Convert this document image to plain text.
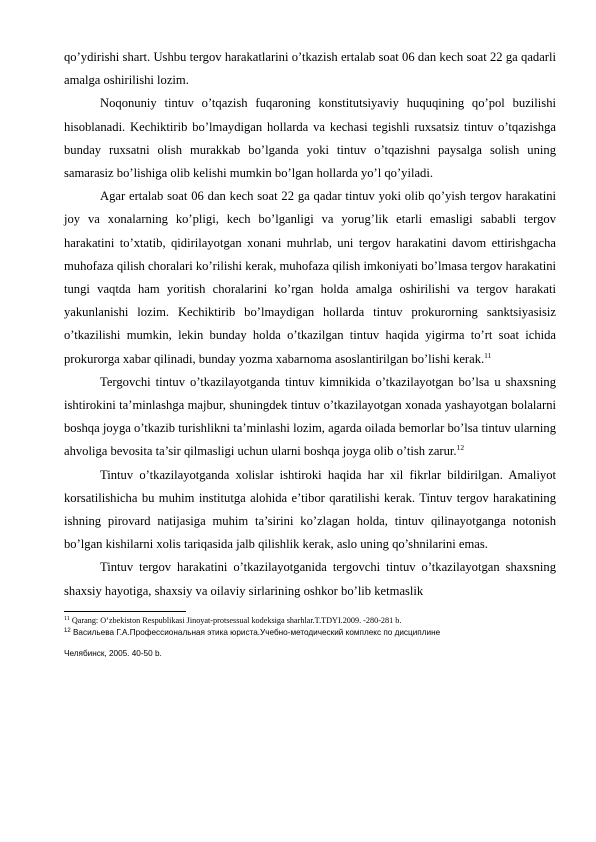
qo’ydirishi shart. Ushbu tergov harakatlarini o’tkazish ertalab soat 06 dan kech soat 22 ga qadarli amalga oshirilishi lozim.

Noqonuniy tintuv o’tqazish fuqaroning konstitutsiyaviy huquqining qo’pol buzilishi hisoblanadi. Kechiktirib bo’lmaydigan hollarda va kechasi tegishli ruxsatsiz tintuv o’tqazishga bunday ruxsatni olish murakkab bo’lganda yoki tintuv o’tqazishni paysalga solish uning samarasiz bo’lishiga olib kelishi mumkin bo’lgan hollarda yo’l qo’yiladi.

Agar ertalab soat 06 dan kech soat 22 ga qadar tintuv yoki olib qo’yish tergov harakatini joy va xonalarning ko’pligi, kech bo’lganligi va yorug’lik etarli emasligi sababli tergov harakatini to’xtatib, qidirilayotgan xonani muhrlab, uni tergov harakatini davom ettirishgacha muhofaza qilish choralari ko’rilishi kerak, muhofaza qilish imkoniyati bo’lmasa tergov harakatini tungi vaqtda ham yoritish choralarini ko’rgan holda amalga oshirilishi va tergov harakati yakunlanishi lozim. Kechiktirib bo’lmaydigan hollarda tintuv prokurorning sanktsiyasisiz o’tkazilishi mumkin, lekin bunday holda o’tkazilgan tintuv haqida yigirma to’rt soat ichida prokurorga xabar qilinadi, bunday yozma xabarnoma asoslantirilgan bo’lishi kerak.$^{11}$

Tergovchi tintuv o’tkazilayotganda tintuv kimnikida o’tkazilayotgan bo’lsa u shaxsning ishtirokini ta’minlashga majbur, shuningdek tintuv o’tkazilayotgan xonada yashayotgan bolalarni boshqa joyga o’tkazib turishlikni ta’minlashi lozim, agarda oilada bemorlar bo’lsa tintuv ularning ahvoliga bevosita ta’sir qilmasligi uchun ularni boshqa joyga olib o’tish zarur.$^{12}$

Tintuv o’tkazilayotganda xolislar ishtiroki haqida har xil fikrlar bildirilgan. Amaliyot korsatilishicha bu muhim institutga alohida e’tibor qaratilishi kerak. Tintuv tergov harakatining ishning pirovard natijasiga muhim ta’sirini ko’zlagan holda, tintuv qilinayotganga notonish bo’lgan kishilarni xolis tariqasida jalb qilishlik kerak, aslo uning qo’shnilarini emas.

Tintuv tergov harakatini o’tkazilayotganida tergovchi tintuv o’tkazilayotgan shaxsning shaxsiy hayotiga, shaxsiy va oilaviy sirlarining oshkor bo’lib ketmaslik

$^{11}$ Qarang: O’zbekiston Respublikasi Jinoyat-protsessual kodeksiga sharhlar.T.TDYI.2009. -280-281 b.

$^{12}$ Васильева Г.А.Профессиональная этика юриста.Учебно-методический комплекс по дисциплине

Челябинск, 2005. 40-50 b.
